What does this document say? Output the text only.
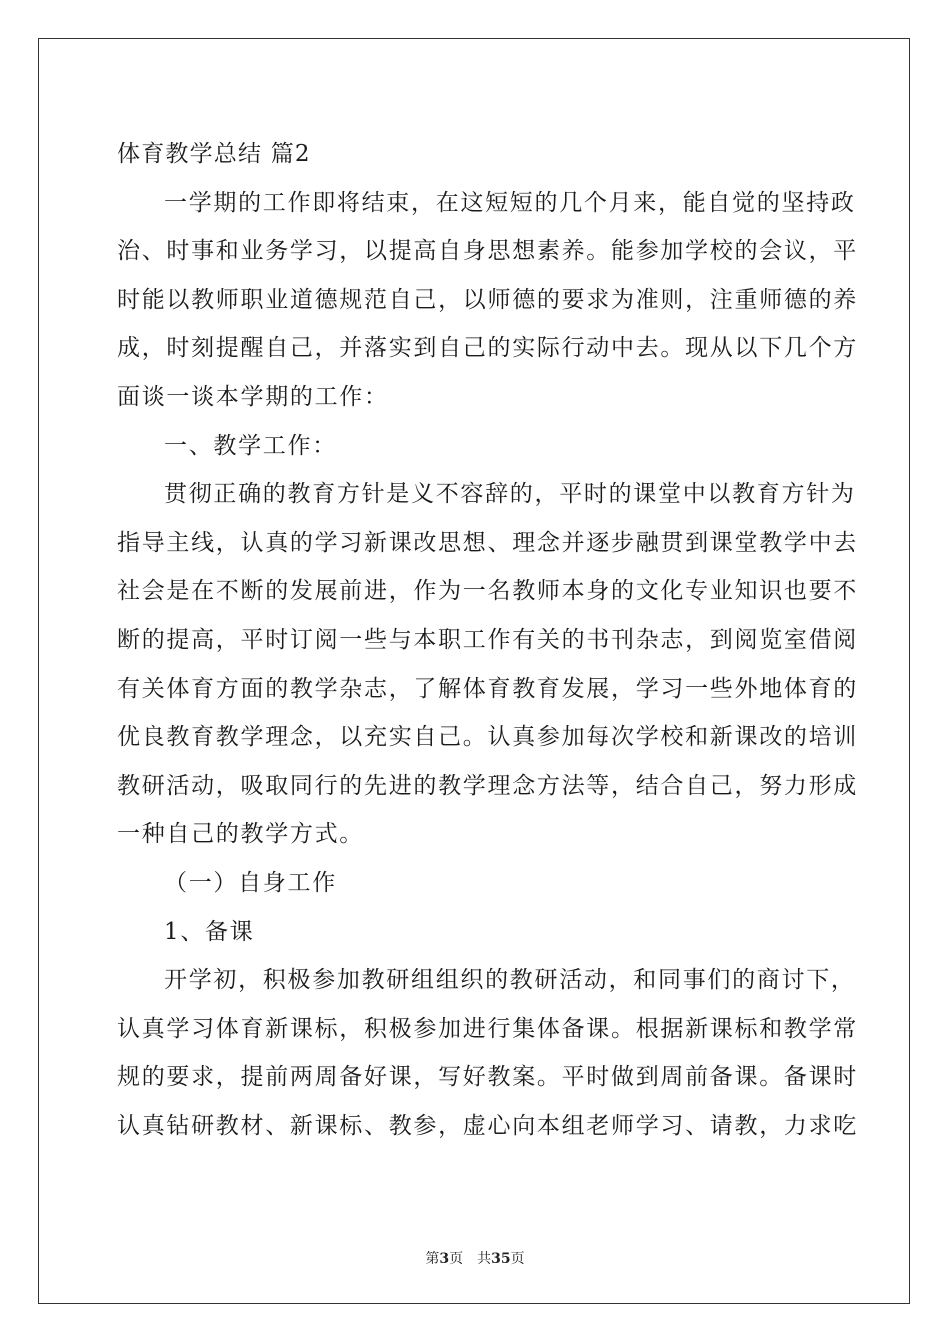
体育教学总结 篇2
一学期的工作即将结束，在这短短的几个月来，能自觉的坚持政
治、时事和业务学习，以提高自身思想素养。能参加学校的会议，平
时能以教师职业道德规范自己，以师德的要求为准则，注重师德的养
成，时刻提醒自己，并落实到自己的实际行动中去。现从以下几个方
面谈一谈本学期的工作：
一、教学工作：
贯彻正确的教育方针是义不容辞的，平时的课堂中以教育方针为
指导主线，认真的学习新课改思想、理念并逐步融贯到课堂教学中去
社会是在不断的发展前进，作为一名教师本身的文化专业知识也要不
断的提高，平时订阅一些与本职工作有关的书刊杂志，到阅览室借阅
有关体育方面的教学杂志，了解体育教育发展，学习一些外地体育的
优良教育教学理念，以充实自己。认真参加每次学校和新课改的培训
教研活动，吸取同行的先进的教学理念方法等，结合自己，努力形成
一种自己的教学方式。
（一）自身工作
1、备课
开学初，积极参加教研组组织的教研活动，和同事们的商讨下，
认真学习体育新课标，积极参加进行集体备课。根据新课标和教学常
规的要求，提前两周备好课，写好教案。平时做到周前备课。备课时
认真钻研教材、新课标、教参，虚心向本组老师学习、请教，力求吃
第3页　共35页
